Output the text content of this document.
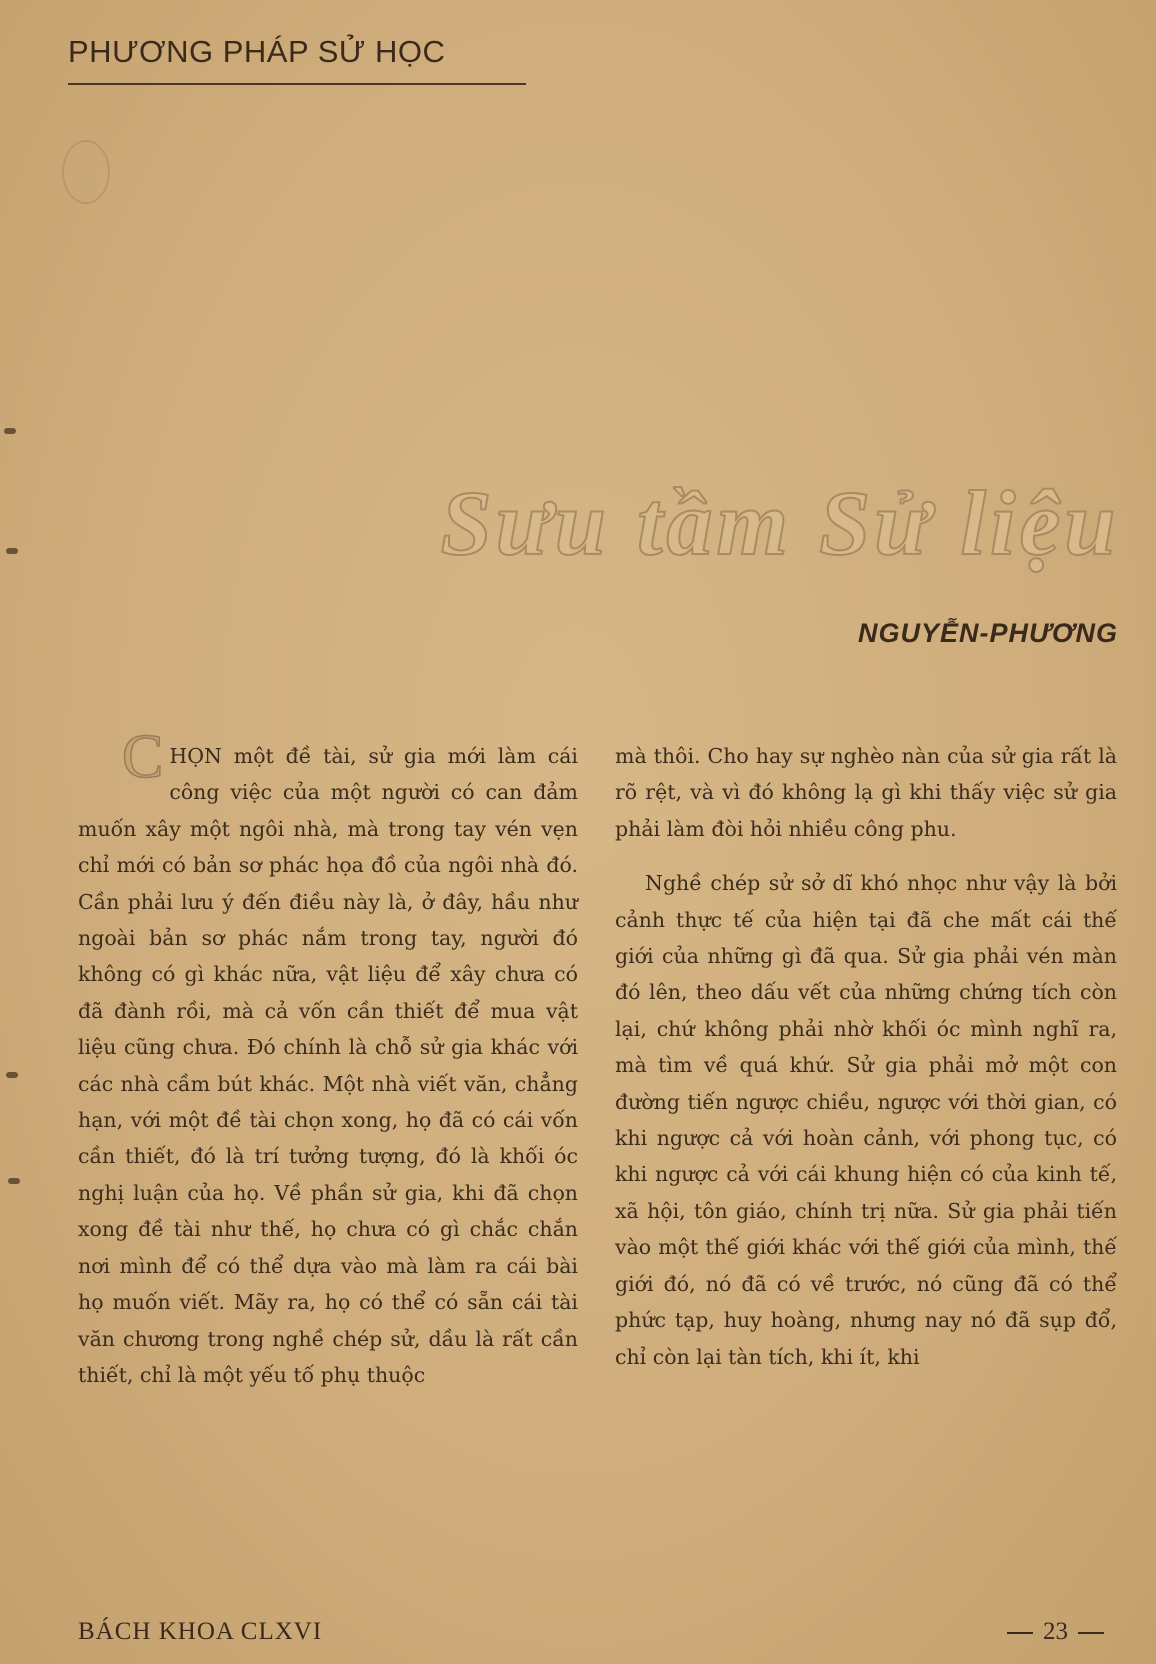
PHƯƠNG PHÁP SỬ HỌC
6
Sưu tầm Sử liệu
NGUYỄN-PHƯƠNG

CHỌN một đề tài, sử gia mới làm cái công việc của một người có can đảm muốn xây một ngôi nhà, mà trong tay vén vẹn chỉ mới có bản sơ phác họa đồ của ngôi nhà đó. Cần phải lưu ý đến điều này là, ở đây, hầu như ngoài bản sơ phác nắm trong tay, người đó không có gì khác nữa, vật liệu để xây chưa có đã đành rồi, mà cả vốn cần thiết để mua vật liệu cũng chưa. Đó chính là chỗ sử gia khác với các nhà cầm bút khác. Một nhà viết văn, chẳng hạn, với một đề tài chọn xong, họ đã có cái vốn cần thiết, đó là trí tưởng tượng, đó là khối óc nghị luận của họ. Về phần sử gia, khi đã chọn xong đề tài như thế, họ chưa có gì chắc chắn nơi mình để có thể dựa vào mà làm ra cái bài họ muốn viết. Mãy ra, họ có thể có sẵn cái tài văn chương trong nghề chép sử, dầu là rất cần thiết, chỉ là một yếu tố phụ thuộc

mà thôi. Cho hay sự nghèo nàn của sử gia rất là rõ rệt, và vì đó không lạ gì khi thấy việc sử gia phải làm đòi hỏi nhiều công phu.

Nghề chép sử sở dĩ khó nhọc như vậy là bởi cảnh thực tế của hiện tại đã che mất cái thế giới của những gì đã qua. Sử gia phải vén màn đó lên, theo dấu vết của những chứng tích còn lại, chứ không phải nhờ khối óc mình nghĩ ra, mà tìm về quá khứ. Sử gia phải mở một con đường tiến ngược chiều, ngược với thời gian, có khi ngược cả với hoàn cảnh, với phong tục, có khi ngược cả với cái khung hiện có của kinh tế, xã hội, tôn giáo, chính trị nữa. Sử gia phải tiến vào một thế giới khác với thế giới của mình, thế giới đó, nó đã có về trước, nó cũng đã có thể phức tạp, huy hoàng, nhưng nay nó đã sụp đổ, chỉ còn lại tàn tích, khi ít, khi

BÁCH KHOA CLXVI	23
